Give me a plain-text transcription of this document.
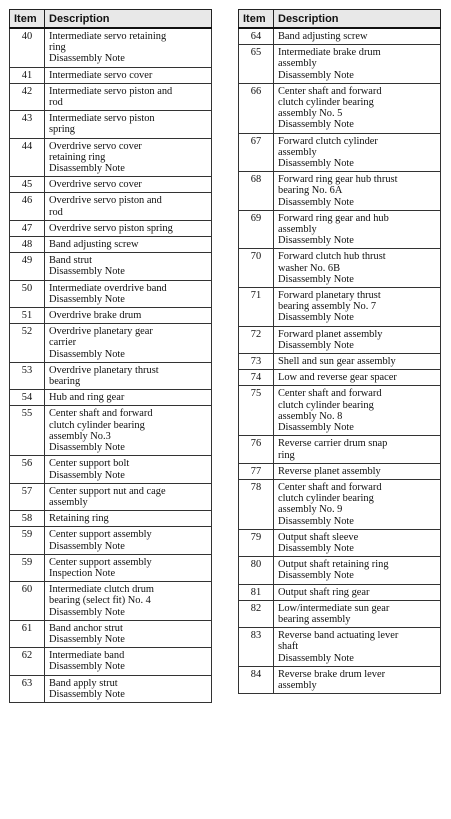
Item	Description
40	Intermediate servo retaining
ring
Disassembly Note

41	Intermediate servo cover

42	Intermediate servo piston and
rod

43	Intermediate servo piston
spring

44	Overdrive servo cover
retaining ring
Disassembly Note

45	Overdrive servo cover

46	Overdrive servo piston and
rod

47	Overdrive servo piston spring

48	Band adjusting screw

49	Band strut
Disassembly Note

50	Intermediate overdrive band
Disassembly Note

51	Overdrive brake drum

52	Overdrive planetary gear
carrier
Disassembly Note

53	Overdrive planetary thrust
bearing

54	Hub and ring gear

55	Center shaft and forward
clutch cylinder bearing
assembly No.3
Disassembly Note

56	Center support bolt
Disassembly Note

57	Center support nut and cage
assembly

58	Retaining ring

59	Center support assembly
Disassembly Note

59	Center support assembly
Inspection Note

60	Intermediate clutch drum
bearing (select fit) No. 4
Disassembly Note

61	Band anchor strut
Disassembly Note

62	Intermediate band
Disassembly Note

63	Band apply strut
Disassembly Note
Item	Description
64	Band adjusting screw

65	Intermediate brake drum
assembly
Disassembly Note

66	Center shaft and forward
clutch cylinder bearing
assembly No. 5
Disassembly Note

67	Forward clutch cylinder
assembly
Disassembly Note

68	Forward ring gear hub thrust
bearing No. 6A
Disassembly Note

69	Forward ring gear and hub
assembly
Disassembly Note

70	Forward clutch hub thrust
washer No. 6B
Disassembly Note

71	Forward planetary thrust
bearing assembly No. 7
Disassembly Note

72	Forward planet assembly
Disassembly Note

73	Shell and sun gear assembly

74	Low and reverse gear spacer

75	Center shaft and forward
clutch cylinder bearing
assembly No. 8
Disassembly Note

76	Reverse carrier drum snap
ring

77	Reverse planet assembly

78	Center shaft and forward
clutch cylinder bearing
assembly No. 9
Disassembly Note

79	Output shaft sleeve
Disassembly Note

80	Output shaft retaining ring
Disassembly Note

81	Output shaft ring gear

82	Low/intermediate sun gear
bearing assembly

83	Reverse band actuating lever
shaft
Disassembly Note

84	Reverse brake drum lever
assembly
